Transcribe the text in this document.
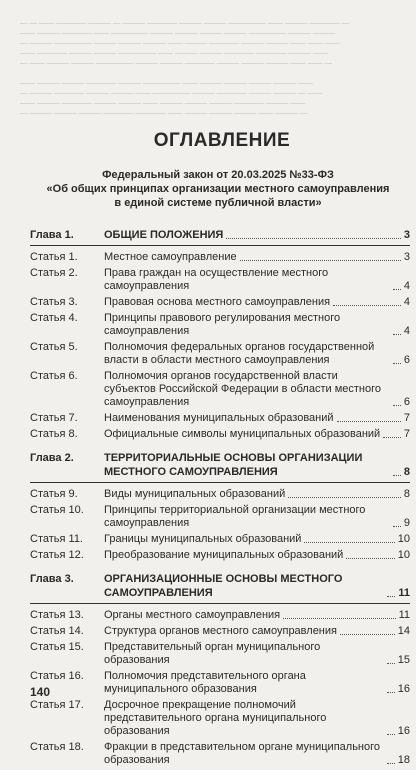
— — —— ———— ——— — ——— ———— ——— ——— ————— —— ——— ———— —
—— ——— ———— —— ————— ——— ——— ——— ——— ————— ——— ———
— ——— ————— ——— ——— ——— —— ——— ———— ——— ——— —— —— ——
—— ———— ——— ——— ————— —— ——— ——— ———— ———— ——— ——
— —— ——— ——— ————— ——— ——— ———— ——— ——— ——— —— —— —

—— ——— ——— ———— ——— ————— —— ——— ——— ——— ——— ——
— ——— ———— ——— ——— —— ————— ——— ———— ——— ——— — ——
—— ——— ———— ——— ——— —— ——— ——— ——— ———— ——— ——
— ——— ——— ——— ———— ———— —— ——— ——— ——— —— ——— —
ОГЛАВЛЕНИЕ
Федеральный закон от 20.03.2025 №33-ФЗ
«Об общих принципах организации местного самоуправления
в единой системе публичной власти»
Глава 1.	ОБЩИЕ ПОЛОЖЕНИЯ	3
Статья 1.	Местное самоуправление	3
Статья 2.	Права граждан на осуществление местного самоуправления	4
Статья 3.	Правовая основа местного самоуправления	4
Статья 4.	Принципы правового регулирования местного самоуправления	4
Статья 5.	Полномочия федеральных органов государственной власти в области местного самоуправления	6
Статья 6.	Полномочия органов государственной власти субъектов Российской Федерации в области местного самоуправления	6
Статья 7.	Наименования муниципальных образований	7
Статья 8.	Официальные символы муниципальных образований 7
Глава 2.	ТЕРРИТОРИАЛЬНЫЕ ОСНОВЫ ОРГАНИЗАЦИИ МЕСТНОГО САМОУПРАВЛЕНИЯ	8
Статья 9.	Виды муниципальных образований	8
Статья 10.	Принципы территориальной организации местного самоуправления	9
Статья 11.	Границы муниципальных образований	10
Статья 12.	Преобразование муниципальных образований	10
Глава 3.	ОРГАНИЗАЦИОННЫЕ ОСНОВЫ МЕСТНОГО САМОУПРАВЛЕНИЯ	11
Статья 13.	Органы местного самоуправления	11
Статья 14.	Структура органов местного самоуправления	14
Статья 15.	Представительный орган муниципального образования	15
Статья 16.	Полномочия представительного органа муниципального образования	16
Статья 17.	Досрочное прекращение полномочий представительного органа муниципального образования	16
Статья 18.	Фракции в представительном органе муниципального образования	18
140
